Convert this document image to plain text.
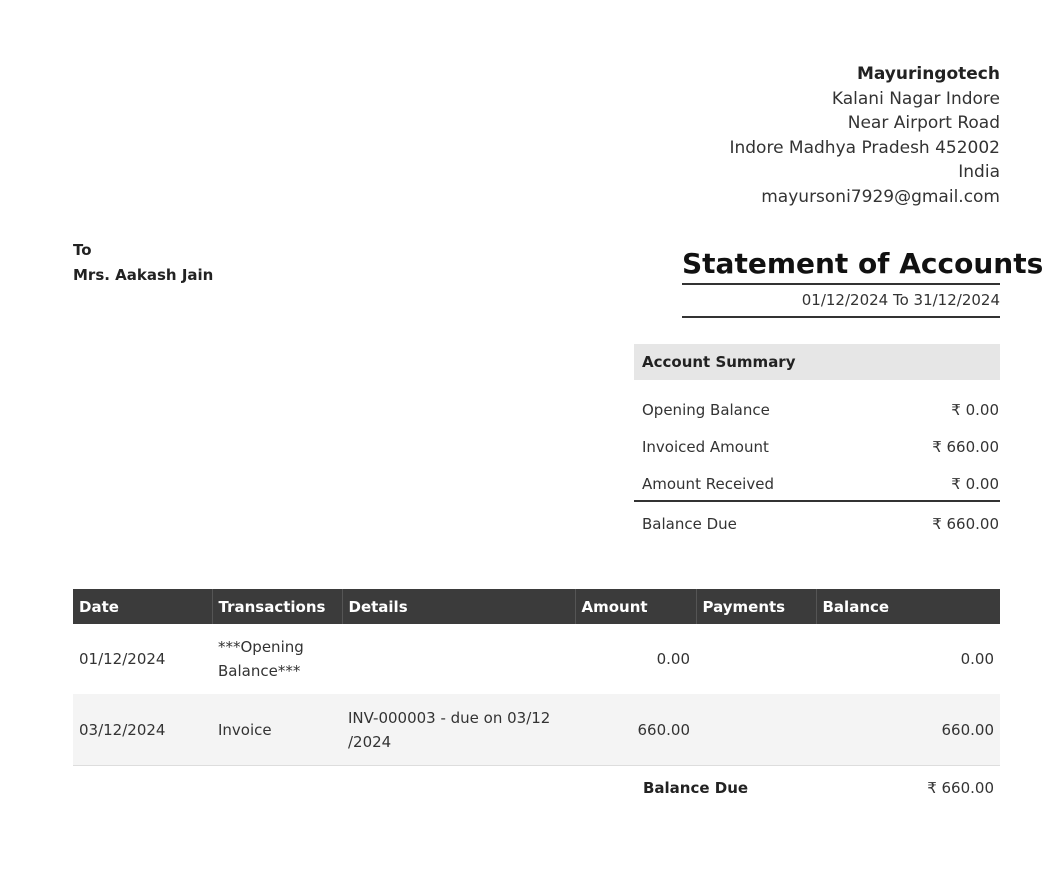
Mayuringotech
Kalani Nagar Indore
Near Airport Road
Indore Madhya Pradesh 452002
India
mayursoni7929@gmail.com
To
Mrs. Aakash Jain	Statement of Accounts
01/12/2024 To 31/12/2024
Account Summary
Opening Balance	₹ 0.00
Invoiced Amount	₹ 660.00
Amount Received	₹ 0.00
Balance Due	₹ 660.00
Date	Transactions	Details	Amount	Payments	Balance
01/12/2024	***Opening Balance***		0.00		0.00
03/12/2024	Invoice	INV-000003 - due on 03/12 /2024	660.00		660.00
			Balance Due		₹ 660.00
